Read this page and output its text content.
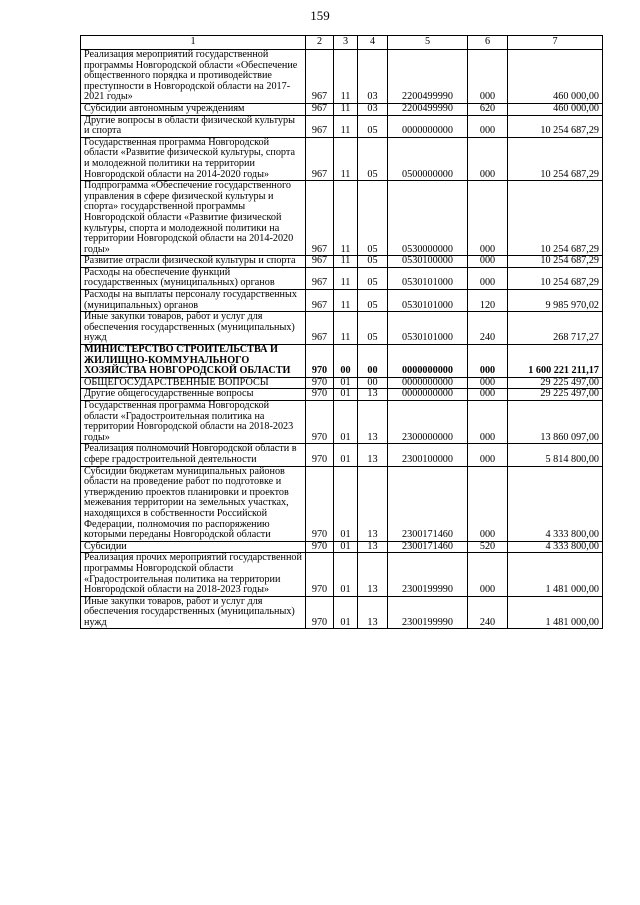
159
1	2	3	4	5	6	7
Реализация мероприятий государственной программы Новгородской области «Обеспечение общественного порядка и противодействие преступности в Новгородской области на 2017-2021 годы»	967	11	03	2200499990	000	460 000,00
Субсидии автономным учреждениям	967	11	03	2200499990	620	460 000,00
Другие вопросы в области физической культуры и спорта	967	11	05	0000000000	000	10 254 687,29
Государственная программа Новгородской области «Развитие физической культуры, спорта и молодежной политики на территории Новгородской области на 2014-2020 годы»	967	11	05	0500000000	000	10 254 687,29
Подпрограмма «Обеспечение государственного управления в сфере физической культуры и спорта» государственной программы Новгородской области «Развитие физической культуры, спорта и молодежной политики на территории Новгородской области на 2014-2020 годы»	967	11	05	0530000000	000	10 254 687,29
Развитие отрасли физической культуры и спорта	967	11	05	0530100000	000	10 254 687,29
Расходы на обеспечение функций государственных (муниципальных) органов	967	11	05	0530101000	000	10 254 687,29
Расходы на выплаты персоналу государственных (муниципальных) органов	967	11	05	0530101000	120	9 985 970,02
Иные закупки товаров, работ и услуг для обеспечения государственных (муниципальных) нужд	967	11	05	0530101000	240	268 717,27
МИНИСТЕРСТВО СТРОИТЕЛЬСТВА И ЖИЛИЩНО-КОММУНАЛЬНОГО ХОЗЯЙСТВА НОВГОРОДСКОЙ ОБЛАСТИ	970	00	00	0000000000	000	1 600 221 211,17
ОБЩЕГОСУДАРСТВЕННЫЕ ВОПРОСЫ	970	01	00	0000000000	000	29 225 497,00
Другие общегосударственные вопросы	970	01	13	0000000000	000	29 225 497,00
Государственная программа Новгородской области «Градостроительная политика на территории Новгородской области на 2018-2023 годы»	970	01	13	2300000000	000	13 860 097,00
Реализация полномочий Новгородской области в сфере градостроительной деятельности	970	01	13	2300100000	000	5 814 800,00
Субсидии бюджетам муниципальных районов области на проведение работ по подготовке и утверждению проектов планировки и проектов межевания территории на земельных участках, находящихся в собственности Российской Федерации, полномочия по распоряжению которыми переданы Новгородской области	970	01	13	2300171460	000	4 333 800,00
Субсидии	970	01	13	2300171460	520	4 333 800,00
Реализация прочих мероприятий государственной программы Новгородской области «Градостроительная политика на территории Новгородской области на 2018-2023 годы»	970	01	13	2300199990	000	1 481 000,00
Иные закупки товаров, работ и услуг для обеспечения государственных (муниципальных) нужд	970	01	13	2300199990	240	1 481 000,00
